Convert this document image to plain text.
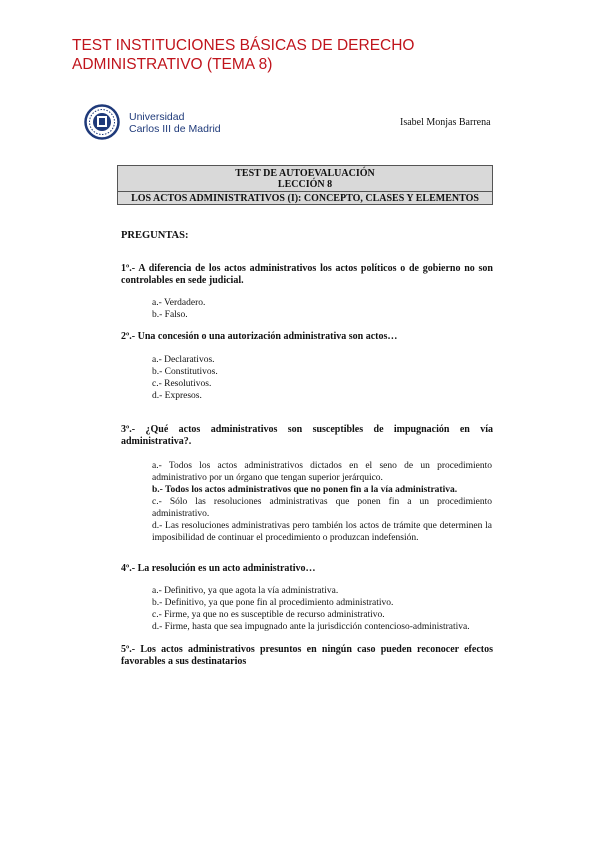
TEST INSTITUCIONES BÁSICAS DE DERECHO ADMINISTRATIVO (TEMA 8)
Universidad
Carlos III de Madrid
Isabel Monjas Barrena
TEST DE AUTOEVALUACIÓN
LECCIÓN 8
LOS ACTOS ADMINISTRATIVOS (I): CONCEPTO, CLASES Y ELEMENTOS
PREGUNTAS:
1º.- A diferencia de los actos administrativos los actos políticos o de gobierno no son controlables en sede judicial.
a.- Verdadero.
b.- Falso.
2º.- Una concesión o una autorización administrativa son actos…
a.- Declarativos.
b.- Constitutivos.
c.- Resolutivos.
d.- Expresos.
3º.- ¿Qué actos administrativos son susceptibles de impugnación en vía administrativa?.
a.- Todos los actos administrativos dictados en el seno de un procedimiento administrativo por un órgano que tengan superior jerárquico.
b.- Todos los actos administrativos que no ponen fin a la vía administrativa.
c.- Sólo las resoluciones administrativas que ponen fin a un procedimiento administrativo.
d.- Las resoluciones administrativas pero también los actos de trámite que determinen la imposibilidad de continuar el procedimiento o produzcan indefensión.
4º.- La resolución es un acto administrativo…
a.- Definitivo, ya que agota la vía administrativa.
b.- Definitivo, ya que pone fin al procedimiento administrativo.
c.- Firme, ya que no es susceptible de recurso administrativo.
d.- Firme, hasta que sea impugnado ante la jurisdicción contencioso-administrativa.
5º.- Los actos administrativos presuntos en ningún caso pueden reconocer efectos favorables a sus destinatarios
